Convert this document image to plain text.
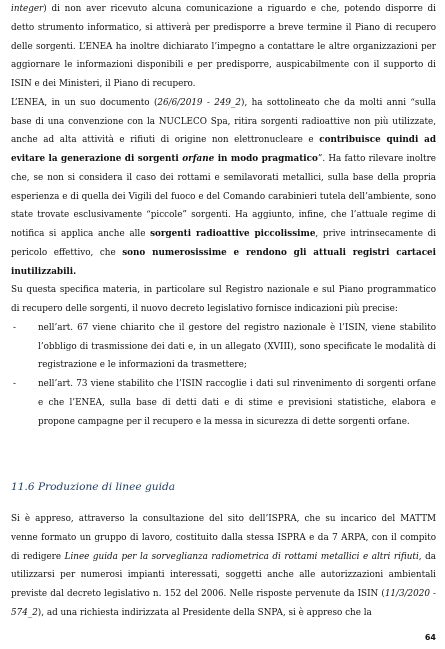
integer) di non aver ricevuto alcuna comunicazione a riguardo e che, potendo disporre di detto strumento informatico, si attiverà per predisporre a breve termine il Piano di recupero delle sorgenti. L’ENEA ha inoltre dichiarato l’impegno a contattare le altre organizzazioni per aggiornare le informazioni disponibili e per predisporre, auspicabilmente con il supporto di ISIN e dei Ministeri, il Piano di recupero.

L’ENEA, in un suo documento (26/6/2019 - 249_2), ha sottolineato che da molti anni “sulla base di una convenzione con la NUCLECO Spa, ritira sorgenti radioattive non più utilizzate, anche ad alta attività e rifiuti di origine non elettronucleare e contribuisce quindi ad evitare la generazione di sorgenti orfane in modo pragmatico”. Ha fatto rilevare inoltre che, se non si considera il caso dei rottami e semilavorati metallici, sulla base della propria esperienza e di quella dei Vigili del fuoco e del Comando carabinieri tutela dell’ambiente, sono state trovate esclusivamente “piccole” sorgenti. Ha aggiunto, infine, che l’attuale regime di notifica si applica anche alle sorgenti radioattive piccolissime, prive intrinsecamente di pericolo effettivo, che sono numerosissime e rendono gli attuali registri cartacei inutilizzabili.

Su questa specifica materia, in particolare sul Registro nazionale e sul Piano programmatico di recupero delle sorgenti, il nuovo decreto legislativo fornisce indicazioni più precise:

-	nell’art. 67 viene chiarito che il gestore del registro nazionale è l’ISIN, viene stabilito l’obbligo di trasmissione dei dati e, in un allegato (XVIII), sono specificate le modalità di registrazione e le informazioni da trasmettere;
-	nell’art. 73 viene stabilito che l’ISIN raccoglie i dati sul rinvenimento di sorgenti orfane e che l’ENEA, sulla base di detti dati e di stime e previsioni statistiche, elabora e propone campagne per il recupero e la messa in sicurezza di dette sorgenti orfane.
11.6 Produzione di linee guida

Si è appreso, attraverso la consultazione del sito dell’ISPRA, che su incarico del MATTM venne formato un gruppo di lavoro, costituito dalla stessa ISPRA e da 7 ARPA, con il compito di redigere Linee guida per la sorveglianza radiometrica di rottami metallici e altri rifiuti, da utilizzarsi per numerosi impianti interessati, soggetti anche alle autorizzazioni ambientali previste dal decreto legislativo n. 152 del 2006. Nelle risposte pervenute da ISIN (11/3/2020 - 574_2), ad una richiesta indirizzata al Presidente della SNPA, si è appreso che la

64
